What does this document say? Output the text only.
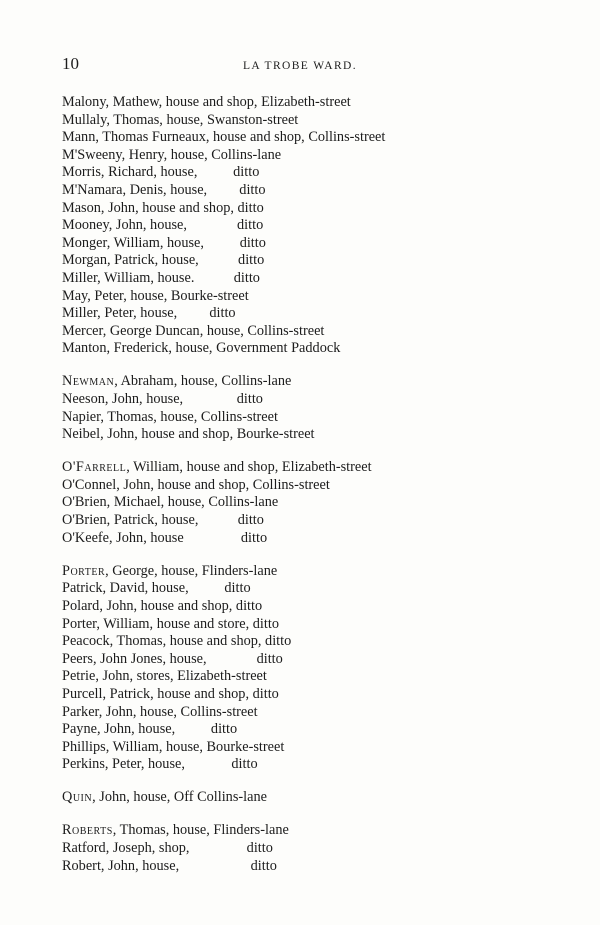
10	LA TROBE WARD.
Malony, Mathew, house and shop, Elizabeth-street
Mullaly, Thomas, house, Swanston-street
Mann, Thomas Furneaux, house and shop, Collins-street
M'Sweeny, Henry, house, Collins-lane
Morris, Richard, house,          ditto
M'Namara, Denis, house,         ditto
Mason, John, house and shop, ditto
Mooney, John, house,              ditto
Monger, William, house,          ditto
Morgan, Patrick, house,           ditto
Miller, William, house.           ditto
May, Peter, house, Bourke-street
Miller, Peter, house,         ditto
Mercer, George Duncan, house, Collins-street
Manton, Frederick, house, Government Paddock
Newman, Abraham, house, Collins-lane
Neeson, John, house,               ditto
Napier, Thomas, house, Collins-street
Neibel, John, house and shop, Bourke-street
O'Farrell, William, house and shop, Elizabeth-street
O'Connel, John, house and shop, Collins-street
O'Brien, Michael, house, Collins-lane
O'Brien, Patrick, house,           ditto
O'Keefe, John, house                ditto
Porter, George, house, Flinders-lane
Patrick, David, house,          ditto
Polard, John, house and shop, ditto
Porter, William, house and store, ditto
Peacock, Thomas, house and shop, ditto
Peers, John Jones, house,              ditto
Petrie, John, stores, Elizabeth-street
Purcell, Patrick, house and shop, ditto
Parker, John, house, Collins-street
Payne, John, house,          ditto
Phillips, William, house, Bourke-street
Perkins, Peter, house,             ditto
Quin, John, house, Off Collins-lane
Roberts, Thomas, house, Flinders-lane
Ratford, Joseph, shop,                ditto
Robert, John, house,                    ditto
